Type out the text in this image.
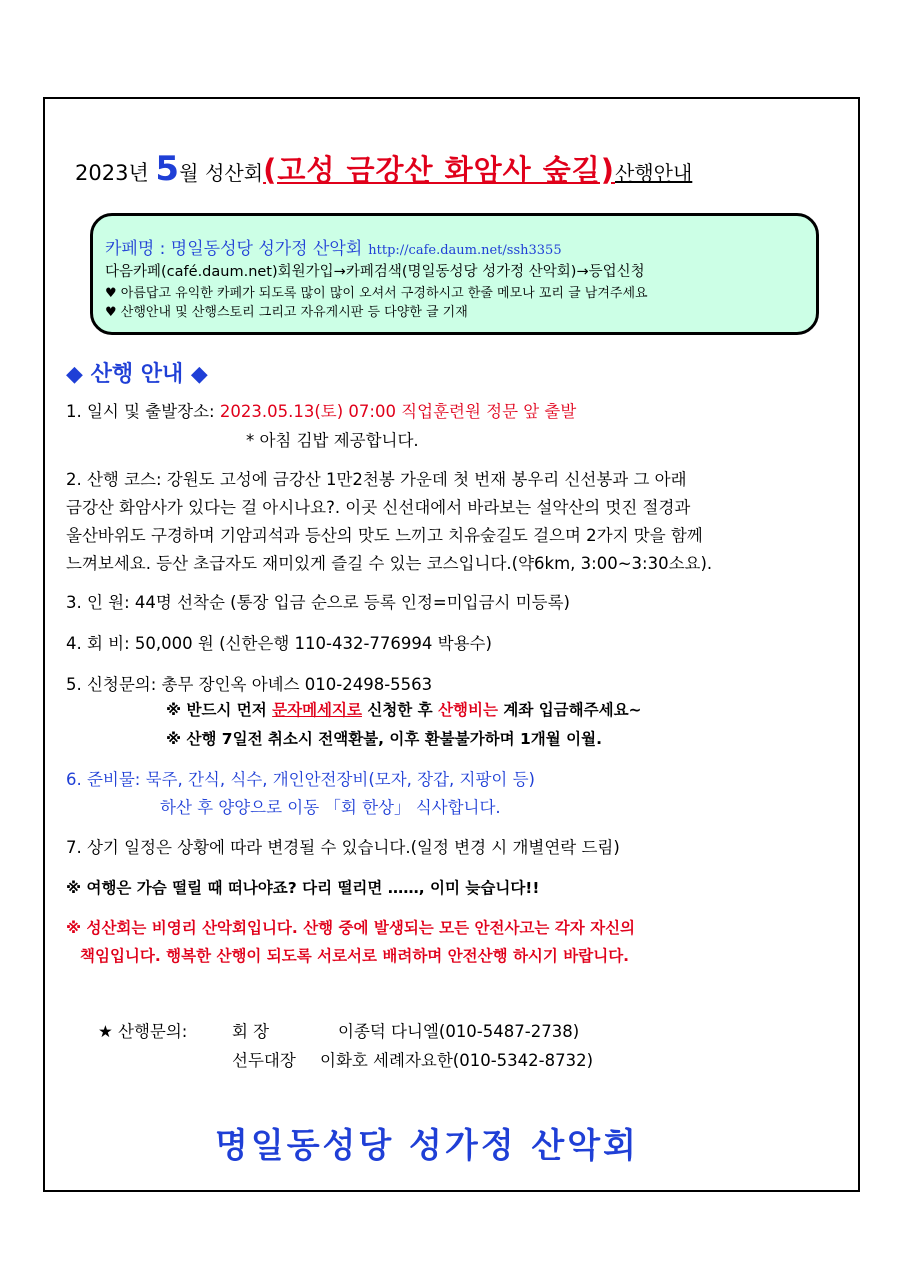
2023년 5월 성산회(고성 금강산 화암사 숲길)산행안내
카페명 : 명일동성당 성가정 산악회 http://cafe.daum.net/ssh3355
다음카페(café.daum.net)회원가입→카페검색(명일동성당 성가정 산악회)→등업신청
♥ 아름답고 유익한 카페가 되도록 많이 많이 오셔서 구경하시고 한줄 메모나 꼬리 글 남겨주세요
♥ 산행안내 및 산행스토리 그리고 자유게시판 등 다양한 글 기재
◆ 산행 안내 ◆
1. 일시 및 출발장소: 2023.05.13(토) 07:00 직업훈련원 정문 앞 출발
* 아침 김밥 제공합니다.
2. 산행 코스: 강원도 고성에 금강산 1만2천봉 가운데 첫 번재 봉우리 신선봉과 그 아래
금강산 화암사가 있다는 걸 아시나요?. 이곳 신선대에서 바라보는 설악산의 멋진 절경과
울산바위도 구경하며 기암괴석과 등산의 맛도 느끼고 치유숲길도 걸으며 2가지 맛을 함께
느껴보세요. 등산 초급자도 재미있게 즐길 수 있는 코스입니다.(약6km, 3:00~3:30소요).
3. 인 원: 44명 선착순 (통장 입금 순으로 등록 인정=미입금시 미등록)
4. 회 비: 50,000 원 (신한은행 110-432-776994 박용수)
5. 신청문의: 총무 장인옥 아녜스 010-2498-5563
※ 반드시 먼저 문자메세지로 신청한 후 산행비는 계좌 입금해주세요~
※ 산행 7일전 취소시 전액환불, 이후 환불불가하며 1개월 이월.
6. 준비물: 묵주, 간식, 식수, 개인안전장비(모자, 장갑, 지팡이 등)
하산 후 양양으로 이동 「회 한상」 식사합니다.
7. 상기 일정은 상황에 따라 변경될 수 있습니다.(일정 변경 시 개별연락 드림)
※ 여행은 가슴 떨릴 때 떠나야죠? 다리 떨리면 ……, 이미 늦습니다!!
※ 성산회는 비영리 산악회입니다. 산행 중에 발생되는 모든 안전사고는 각자 자신의
책임입니다. 행복한 산행이 되도록 서로서로 배려하며 안전산행 하시기 바랍니다.
★ 산행문의:	회 장	이종덕 다니엘(010-5487-2738)
선두대장 이화호 세례자요한(010-5342-8732)
명일동성당 성가정 산악회
